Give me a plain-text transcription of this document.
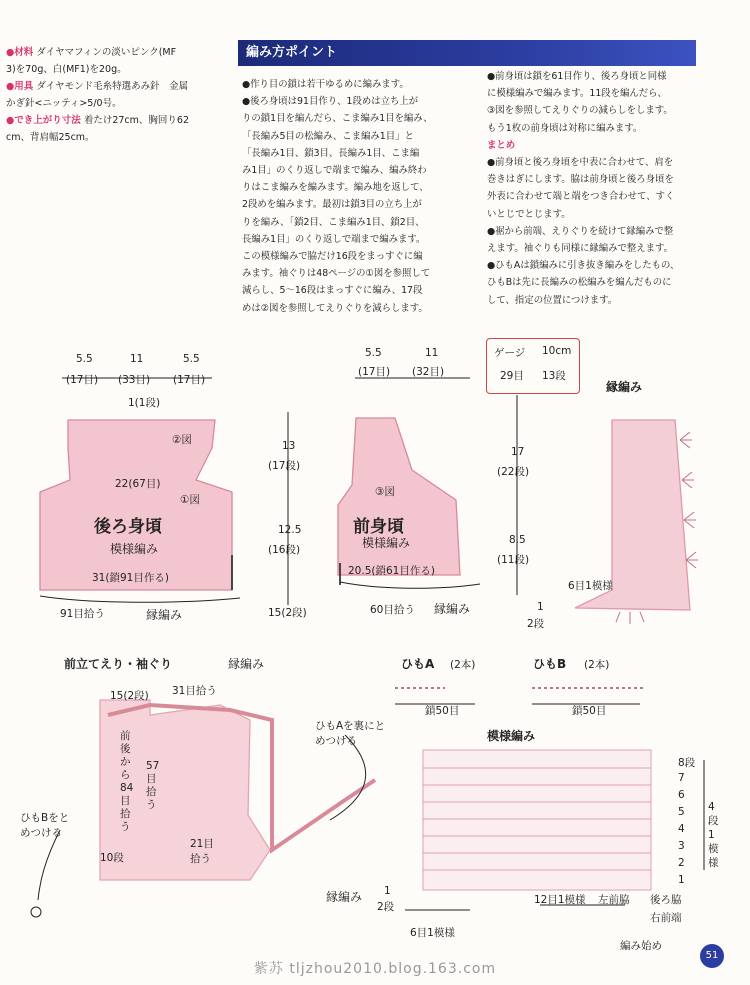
●材料 ダイヤマフィンの淡いピンク(MF
3)を70g、白(MF1)を20g。
●用具 ダイヤモンド毛糸特選あみ針　金属
かぎ針<ニッティ>5/0号。
●でき上がり寸法 着たけ27cm、胸回り62
cm、背肩幅25cm。
編み方ポイント
●作り目の鎖は若干ゆるめに編みます。
●後ろ身頃は91目作り、1段めは立ち上が
りの鎖1目を編んだら、こま編み1目を編み、
「長編み5目の松編み、こま編み1目」と
「長編み1目、鎖3目、長編み1目、こま編
み1目」のくり返しで端まで編み、編み終わ
りはこま編みを編みます。編み地を返して、
2段めを編みます。最初は鎖3目の立ち上が
りを編み、「鎖2目、こま編み1目、鎖2目、
長編み1目」のくり返しで端まで編みます。
この模様編みで脇だけ16段をまっすぐに編
みます。袖ぐりは48ページの①図を参照して
減らし、5～16段はまっすぐに編み、17段
めは②図を参照してえりぐりを減らします。
●前身頃は鎖を61目作り、後ろ身頃と同様
に模様編みで編みます。11段を編んだら、
③図を参照してえりぐりの減らしをします。
もう1枚の前身頃は対称に編みます。
まとめ
●前身頃と後ろ身頃を中表に合わせて、肩を
巻きはぎにします。脇は前身頃と後ろ身頃を
外表に合わせて端と端をつき合わせて、すく
いとじでとじます。
●裾から前端、えりぐりを続けて縁編みで整
えます。袖ぐりも同様に縁編みで整えます。
●ひもAは鎖編みに引き抜き編みをしたもの、
ひもBは先に長編みの松編みを編んだものに
して、指定の位置につけます。
5.5
(17目)
11
(33目)
5.5
(17目)
1(1段)
②図
22(67目)
①図
後ろ身頃
模様編み
31(鎖91目作る)
91目拾う	縁編み
13
(17段)
12.5
(16段)
15(2段)
5.5
(17目)
11
(32目)
③図
前身頃
模様編み
20.5(鎖61目作る)
60目拾う 縁編み
17
(22段)
8.5
(11段)
ゲージ 10cm
29目 13段
縁編み
6目1模様
1
2段
前立てえり・袖ぐり	縁編み
15(2段) 31目拾う
前後から84目拾う
57目拾う
21目拾う
10段
ひもBをとめつける
ひもAを裏にとめつける
ひもA (2本)
鎖50目
ひもB (2本)
鎖50目
模様編み
8段
7
6
5
4
3
2
1
4段1模様
縁編み 1
2段
12目1模様 左前脇 後ろ脇
右前端
編み始め
6目1模様
51
紫苏 tljzhou2010.blog.163.com
